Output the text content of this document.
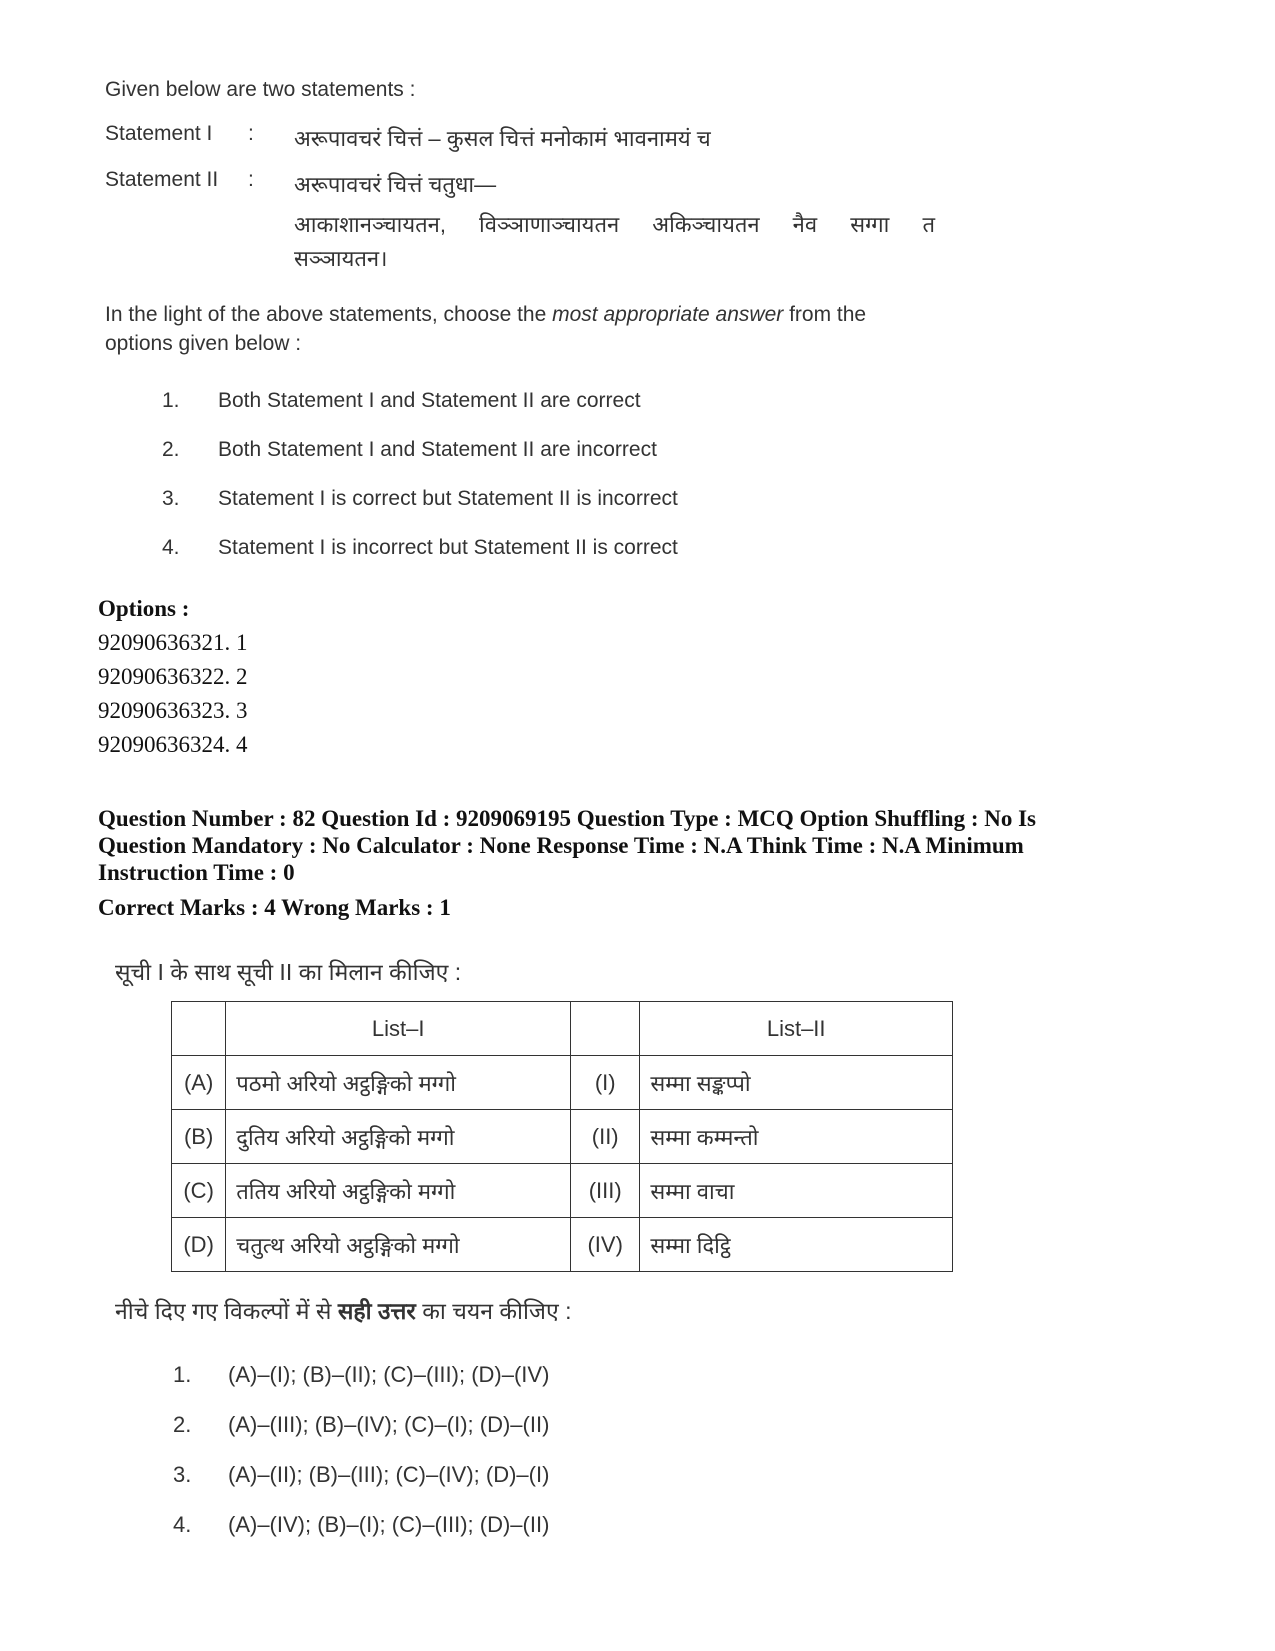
Given below are two statements :

Statement I	:	अरूपावचरं चित्तं – कुसल चित्तं मनोकामं भावनामयं च

Statement II	:	अरूपावचरं चित्तं चतुधा—

आकाशानञ्चायतन, विञ्ञाणाञ्चायतन अकिञ्चायतन नैव सग्गा त

सञ्ञायतन।

In the light of the above statements, choose the most appropriate answer from the options given below :

1.	Both Statement I and Statement II are correct
2.	Both Statement I and Statement II are incorrect
3.	Statement I is correct but Statement II is incorrect
4.	Statement I is incorrect but Statement II is correct
Options :

92090636321. 1

92090636322. 2

92090636323. 3

92090636324. 4

Question Number : 82 Question Id : 9209069195 Question Type : MCQ Option Shuffling : No Is
Question Mandatory : No Calculator : None Response Time : N.A Think Time : N.A Minimum
Instruction Time : 0
Correct Marks : 4 Wrong Marks : 1

सूची I के साथ सूची II का मिलान कीजिए :

	List–I		List–II
(A)	पठमो अरियो अट्ठङ्गिको मग्गो	(I)	सम्मा सङ्कप्पो
(B)	दुतिय अरियो अट्ठङ्गिको मग्गो	(II)	सम्मा कम्मन्तो
(C)	ततिय अरियो अट्ठङ्गिको मग्गो	(III)	सम्मा वाचा
(D)	चतुत्थ अरियो अट्ठङ्गिको मग्गो	(IV)	सम्मा दिट्ठि

नीचे दिए गए विकल्पों में से सही उत्तर का चयन कीजिए :

1.	(A)–(I); (B)–(II); (C)–(III); (D)–(IV)
2.	(A)–(III); (B)–(IV); (C)–(I); (D)–(II)
3.	(A)–(II); (B)–(III); (C)–(IV); (D)–(I)
4.	(A)–(IV); (B)–(I); (C)–(III); (D)–(II)
